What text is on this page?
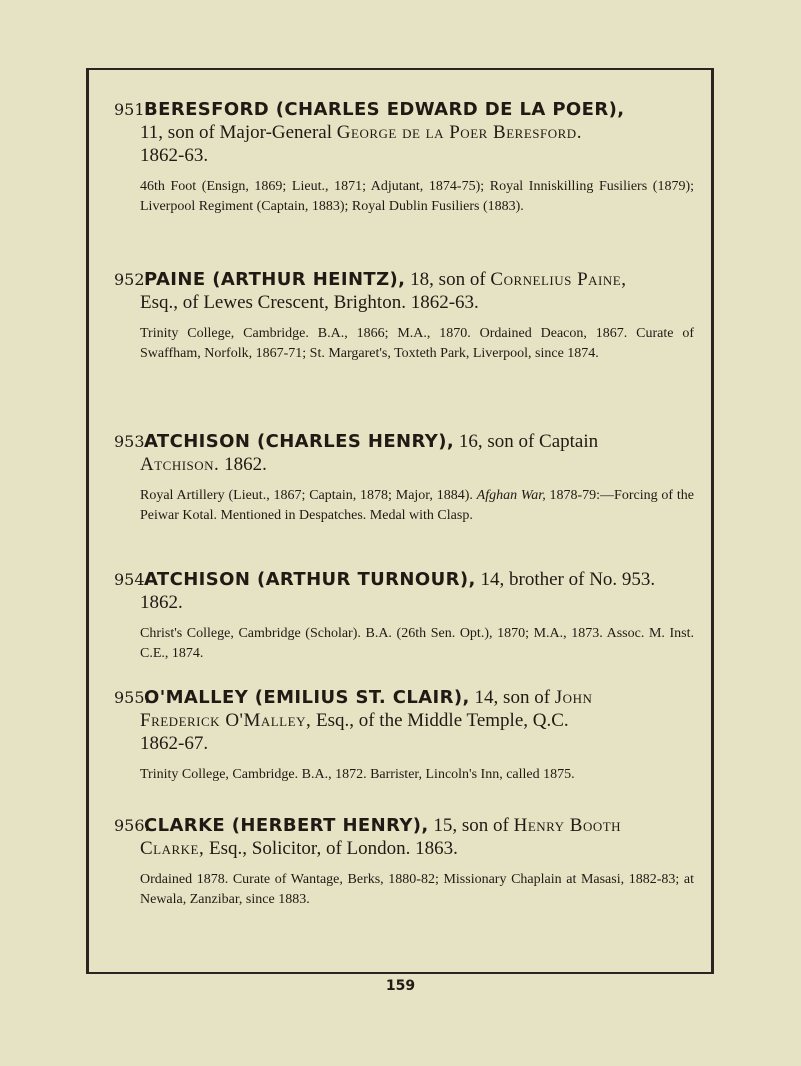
951.BERESFORD (CHARLES EDWARD DE LA POER),
11, son of Major-General George de la Poer Beresford.
1862-63.
46th Foot (Ensign, 1869; Lieut., 1871; Adjutant, 1874-75); Royal Inniskilling Fusiliers (1879); Liverpool Regiment (Captain, 1883); Royal Dublin Fusiliers (1883).
952.PAINE (ARTHUR HEINTZ), 18, son of Cornelius Paine,
Esq., of Lewes Crescent, Brighton. 1862-63.
Trinity College, Cambridge. B.A., 1866; M.A., 1870. Ordained Deacon, 1867. Curate of Swaffham, Norfolk, 1867-71; St. Margaret's, Toxteth Park, Liverpool, since 1874.
953.ATCHISON (CHARLES HENRY), 16, son of Captain
Atchison. 1862.
Royal Artillery (Lieut., 1867; Captain, 1878; Major, 1884). Afghan War, 1878-79:—Forcing of the Peiwar Kotal. Mentioned in Despatches. Medal with Clasp.
954.ATCHISON (ARTHUR TURNOUR), 14, brother of No. 953.
1862.
Christ's College, Cambridge (Scholar). B.A. (26th Sen. Opt.), 1870; M.A., 1873. Assoc. M. Inst. C.E., 1874.
955.O'MALLEY (EMILIUS ST. CLAIR), 14, son of John
Frederick O'Malley, Esq., of the Middle Temple, Q.C.
1862-67.
Trinity College, Cambridge. B.A., 1872. Barrister, Lincoln's Inn, called 1875.
956.CLARKE (HERBERT HENRY), 15, son of Henry Booth
Clarke, Esq., Solicitor, of London. 1863.
Ordained 1878. Curate of Wantage, Berks, 1880-82; Missionary Chaplain at Masasi, 1882-83; at Newala, Zanzibar, since 1883.
159
